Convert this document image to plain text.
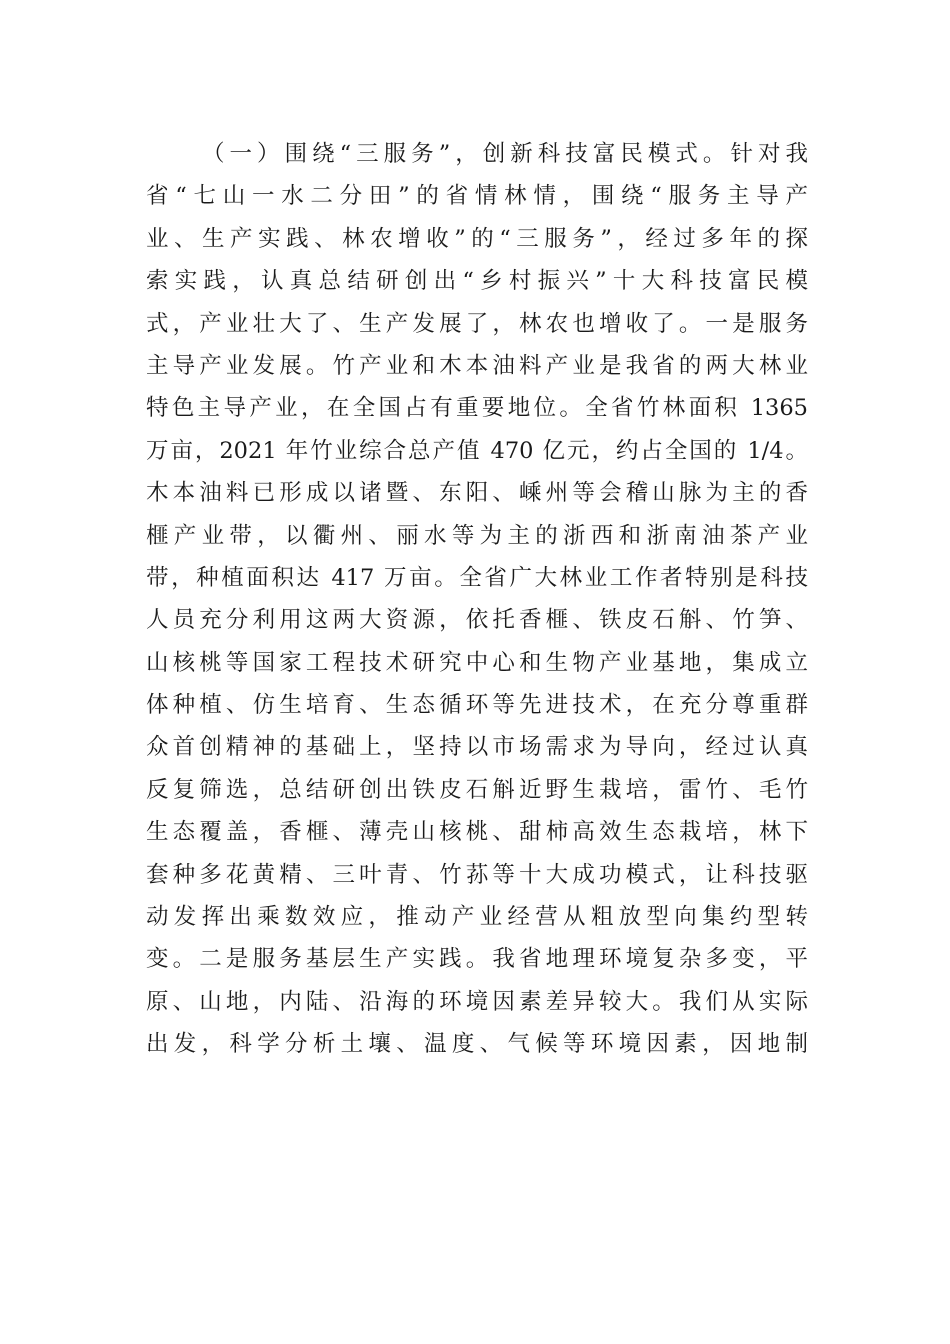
（一）围绕“三服务”，创新科技富民模式。针对我
省“七山一水二分田”的省情林情，围绕“服务主导产
业、生产实践、林农增收”的“三服务”，经过多年的探
索实践，认真总结研创出“乡村振兴”十大科技富民模
式，产业壮大了、生产发展了，林农也增收了。一是服务
主导产业发展。竹产业和木本油料产业是我省的两大林业
特色主导产业，在全国占有重要地位。全省竹林面积 1365
万亩，2021 年竹业综合总产值 470 亿元，约占全国的 1/4。
木本油料已形成以诸暨、东阳、嵊州等会稽山脉为主的香
榧产业带，以衢州、丽水等为主的浙西和浙南油茶产业
带，种植面积达 417 万亩。全省广大林业工作者特别是科技
人员充分利用这两大资源，依托香榧、铁皮石斛、竹笋、
山核桃等国家工程技术研究中心和生物产业基地，集成立
体种植、仿生培育、生态循环等先进技术，在充分尊重群
众首创精神的基础上，坚持以市场需求为导向，经过认真
反复筛选，总结研创出铁皮石斛近野生栽培，雷竹、毛竹
生态覆盖，香榧、薄壳山核桃、甜柿高效生态栽培，林下
套种多花黄精、三叶青、竹荪等十大成功模式，让科技驱
动发挥出乘数效应，推动产业经营从粗放型向集约型转
变。二是服务基层生产实践。我省地理环境复杂多变，平
原、山地，内陆、沿海的环境因素差异较大。我们从实际
出发，科学分析土壤、温度、气候等环境因素，因地制
